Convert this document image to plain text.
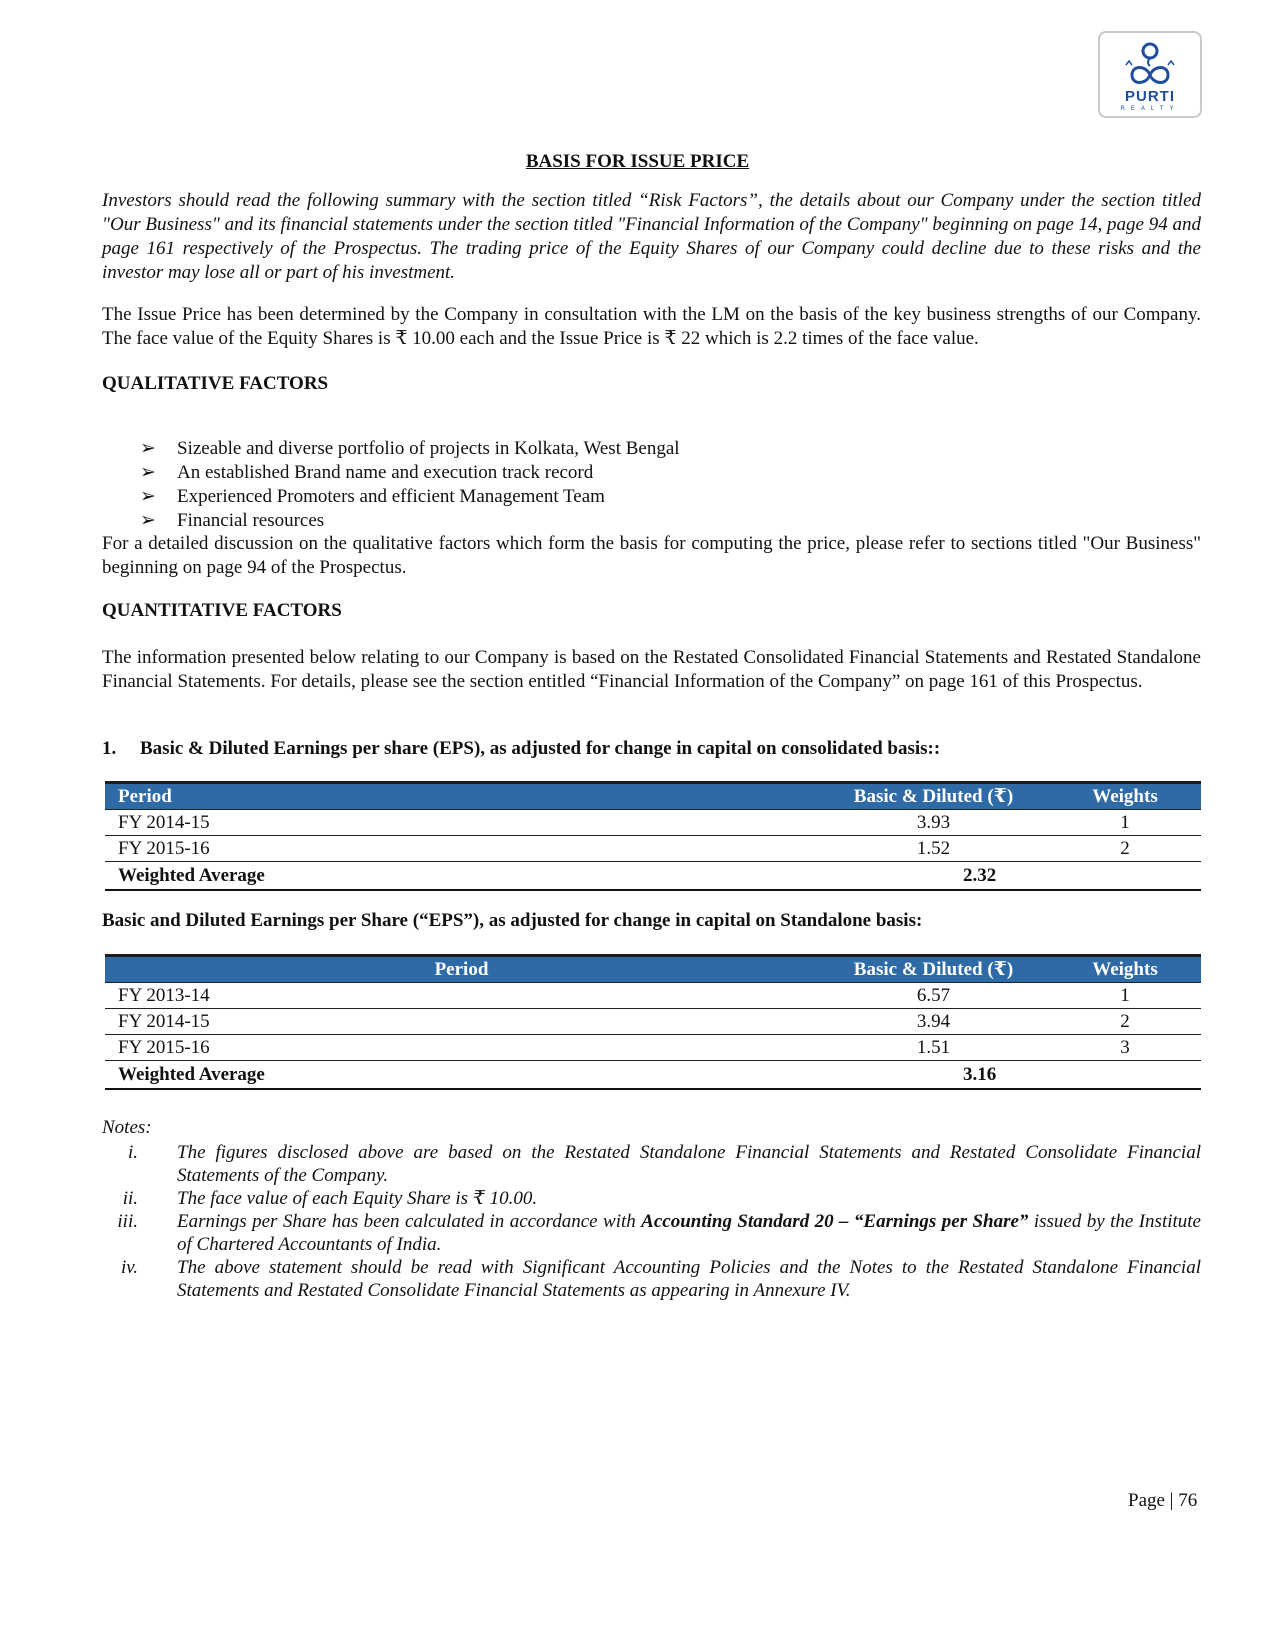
PURTI
REALTY
BASIS FOR ISSUE PRICE

Investors should read the following summary with the section titled “Risk Factors”, the details about our Company under the section titled "Our Business" and its financial statements under the section titled "Financial Information of the Company" beginning on page 14, page 94 and page 161 respectively of the Prospectus. The trading price of the Equity Shares of our Company could decline due to these risks and the investor may lose all or part of his investment.

The Issue Price has been determined by the Company in consultation with the LM on the basis of the key business strengths of our Company. The face value of the Equity Shares is ₹ 10.00 each and the Issue Price is ₹ 22 which is 2.2 times of the face value.

QUALITATIVE FACTORS
➢ Sizeable and diverse portfolio of projects in Kolkata, West Bengal
➢ An established Brand name and execution track record
➢ Experienced Promoters and efficient Management Team
➢ Financial resources

For a detailed discussion on the qualitative factors which form the basis for computing the price, please refer to sections titled "Our Business" beginning on page 94 of the Prospectus.

QUANTITATIVE FACTORS

The information presented below relating to our Company is based on the Restated Consolidated Financial Statements and Restated Standalone Financial Statements. For details, please see the section entitled “Financial Information of the Company” on page 161 of this Prospectus.

1. Basic & Diluted Earnings per share (EPS), as adjusted for change in capital on consolidated basis::
Period	Basic & Diluted (₹)	Weights
FY 2014-15	3.93	1
FY 2015-16	1.52	2
Weighted Average	2.32	
Basic and Diluted Earnings per Share (“EPS”), as adjusted for change in capital on Standalone basis:
Period	Basic & Diluted (₹)	Weights
FY 2013-14	6.57	1
FY 2014-15	3.94	2
FY 2015-16	1.51	3
Weighted Average	3.16	
Notes:
i. The figures disclosed above are based on the Restated Standalone Financial Statements and Restated Consolidate Financial Statements of the Company.
ii. The face value of each Equity Share is ₹ 10.00.
iii. Earnings per Share has been calculated in accordance with Accounting Standard 20 – “Earnings per Share” issued by the Institute of Chartered Accountants of India.
iv. The above statement should be read with Significant Accounting Policies and the Notes to the Restated Standalone Financial Statements and Restated Consolidate Financial Statements as appearing in Annexure IV.
Page | 76
